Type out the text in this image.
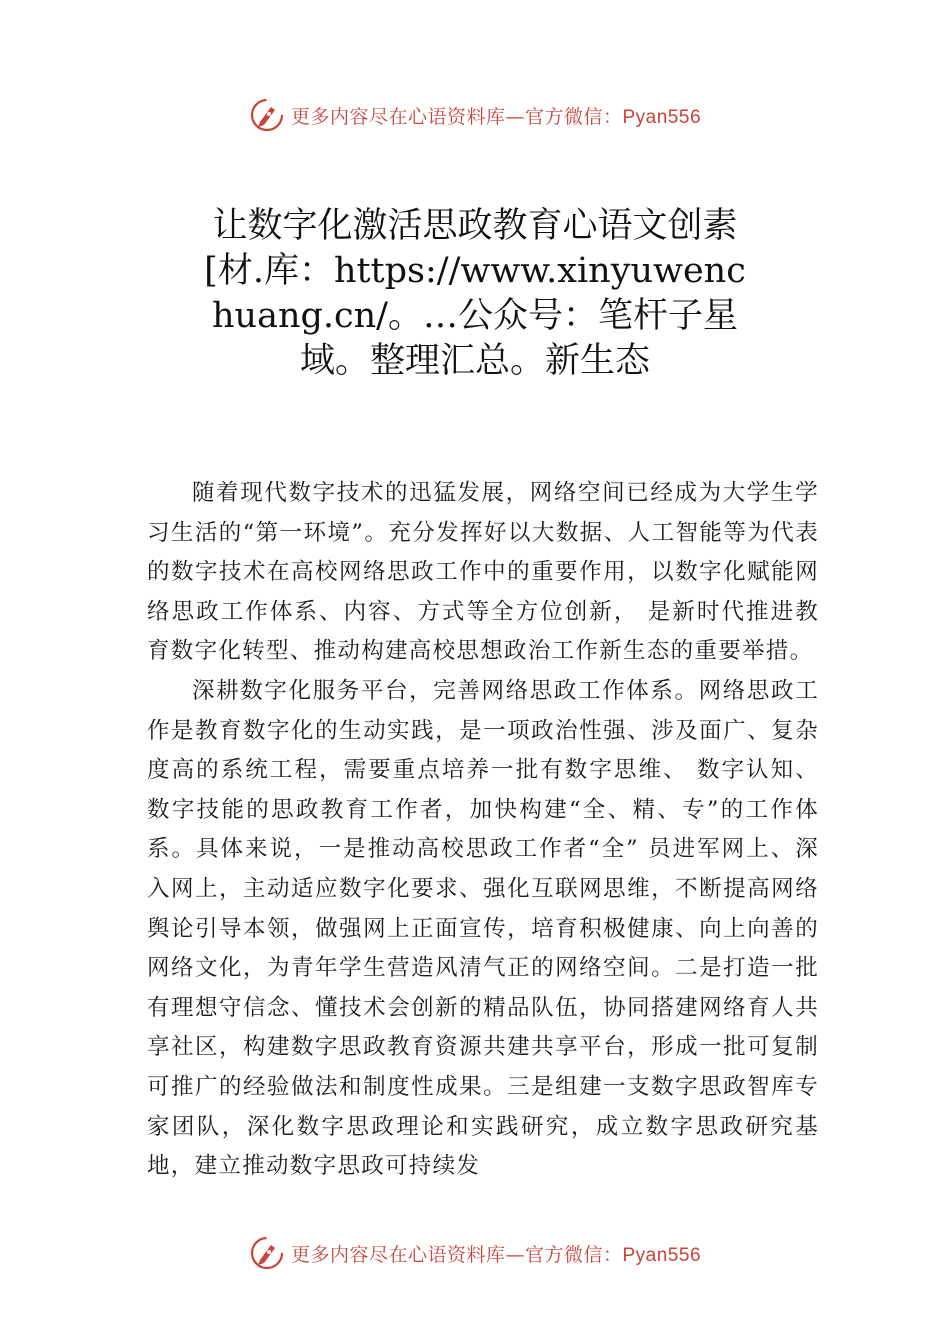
更多内容尽在心语资料库—官方微信：Pyan556
让数字化激活思政教育心语文创素[材.库：https://www.xinyuwenchuang.cn/。…公众号：笔杆子星域。整理汇总。新生态

随着现代数字技术的迅猛发展，网络空间已经成为大学生学习生活的“第一环境”。充分发挥好以大数据、人工智能等为代表的数字技术在高校网络思政工作中的重要作用，以数字化赋能网络思政工作体系、内容、方式等全方位创新， 是新时代推进教育数字化转型、推动构建高校思想政治工作新生态的重要举措。

深耕数字化服务平台，完善网络思政工作体系。网络思政工作是教育数字化的生动实践，是一项政治性强、涉及面广、复杂度高的系统工程，需要重点培养一批有数字思维、 数字认知、数字技能的思政教育工作者，加快构建“全、精、专”的工作体系。具体来说，一是推动高校思政工作者“全” 员进军网上、深入网上，主动适应数字化要求、强化互联网思维，不断提高网络舆论引导本领，做强网上正面宣传，培育积极健康、向上向善的网络文化，为青年学生营造风清气正的网络空间。二是打造一批有理想守信念、懂技术会创新的精品队伍，协同搭建网络育人共享社区，构建数字思政教育资源共建共享平台，形成一批可复制可推广的经验做法和制度性成果。三是组建一支数字思政智库专家团队，深化数字思政理论和实践研究，成立数字思政研究基地，建立推动数字思政可持续发

更多内容尽在心语资料库—官方微信：Pyan556
